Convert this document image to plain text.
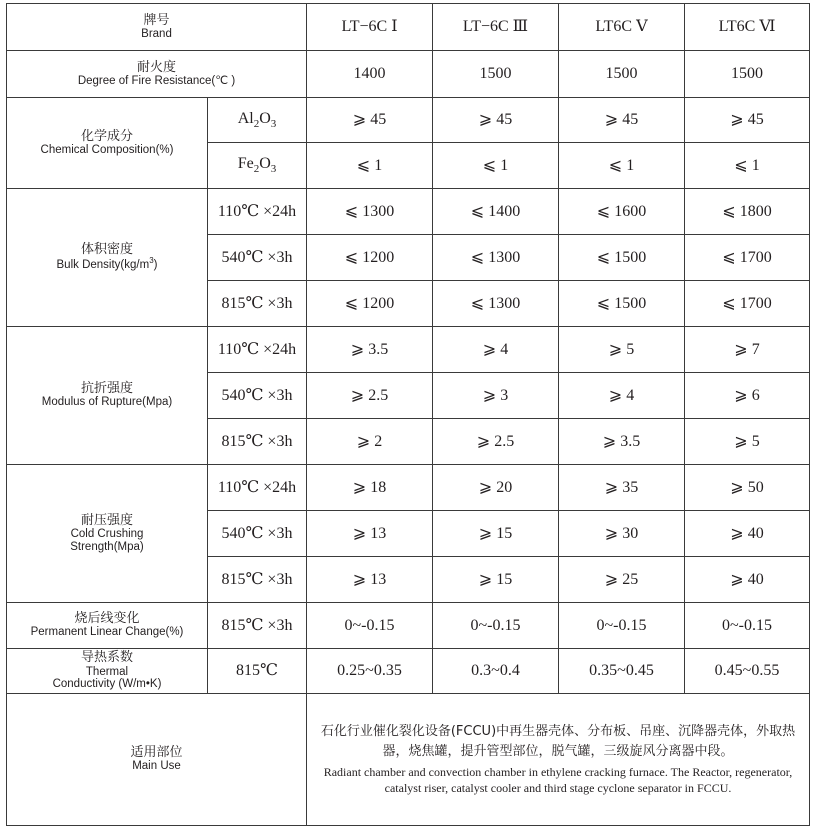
牌号
Brand		LT−6C Ⅰ	LT−6C Ⅲ	LT6C Ⅴ	LT6C Ⅵ

耐火度
Degree of Fire Resistance(℃ )		1400	1500	1500	1500

化学成分
Chemical Composition(%)	$Al_2O_3$	⩾ 45	⩾ 45	⩾ 45	⩾ 45
	$Fe_2O_3$	⩽ 1	⩽ 1	⩽ 1	⩽ 1

体积密度
Bulk $Density(kg/m^3)$	110℃ ×24h	⩽ 1300	⩽ 1400	⩽ 1600	⩽ 1800
	540℃ ×3h	⩽ 1200	⩽ 1300	⩽ 1500	⩽ 1700
	815℃ ×3h	⩽ 1200	⩽ 1300	⩽ 1500	⩽ 1700

抗折强度
Modulus of Rupture(Mpa)	110℃ ×24h	⩾ 3.5	⩾ 4	⩾ 5	⩾ 7
	540℃ ×3h	⩾ 2.5	⩾ 3	⩾ 4	⩾ 6
	815℃ ×3h	⩾ 2	⩾ 2.5	⩾ 3.5	⩾ 5

耐压强度
Cold Crushing
Strength(Mpa)	110℃ ×24h	⩾ 18	⩾ 20	⩾ 35	⩾ 50
	540℃ ×3h	⩾ 13	⩾ 15	⩾ 30	⩾ 40
	815℃ ×3h	⩾ 13	⩾ 15	⩾ 25	⩾ 40

烧后线变化
Permanent Linear Change(%)	815℃ ×3h	0~-0.15	0~-0.15	0~-0.15	0~-0.15

导热系数
Thermal
Conductivity (W/m•K)	815℃	0.25~0.35	0.3~0.4	0.35~0.45	0.45~0.55

适用部位
Main Use		石化行业催化裂化设备(FCCU)中再生器壳体、分布板、吊座、沉降器壳体，外取热器，烧焦罐，提升管型部位，脱气罐，三级旋风分离器中段。
Radiant chamber and convection chamber in ethylene cracking furnace. The Reactor, regenerator, catalyst riser, catalyst cooler and third stage cyclone separator in FCCU.			
